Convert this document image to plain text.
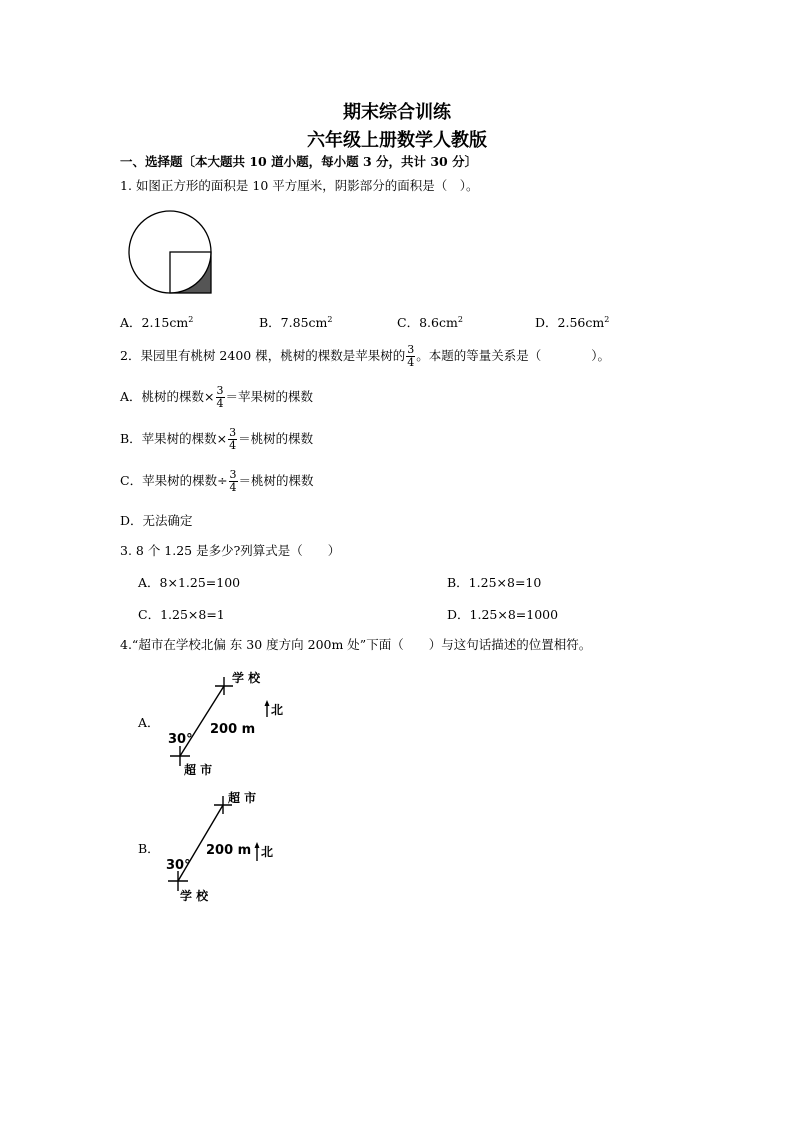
期末综合训练
六年级上册数学人教版
一、选择题〔本大题共 10 道小题，每小题 3 分，共计 30 分〕
1. 如图正方形的面积是 10 平方厘米，阴影部分的面积是（　）。
A．$2.15cm^2$	B．$7.85cm^2$	C．$8.6cm^2$	D．$2.56cm^2$
2．果园里有桃树 2400 棵，桃树的棵数是苹果树的 $\frac{3}{4}$ 。本题的等量关系是（　　　　）。
A．桃树的棵数× $\frac{3}{4}$ ＝苹果树的棵数
B．苹果树的棵数× $\frac{3}{4}$ ＝桃树的棵数
C．苹果树的棵数÷ $\frac{3}{4}$ ＝桃树的棵数
D．无法确定
3. 8 个 1.25 是多少?列算式是（　　）
A．8×1.25=100	B．1.25×8=10
C．1.25×8=1	D．1.25×8=1000
4.“超市在学校北偏 东 30 度方向 200m 处”下面（　　）与这句话描述的位置相符。
A．
学 校
超 市
30°
200 m
北
B．
超 市
学 校
30°
200 m 北
